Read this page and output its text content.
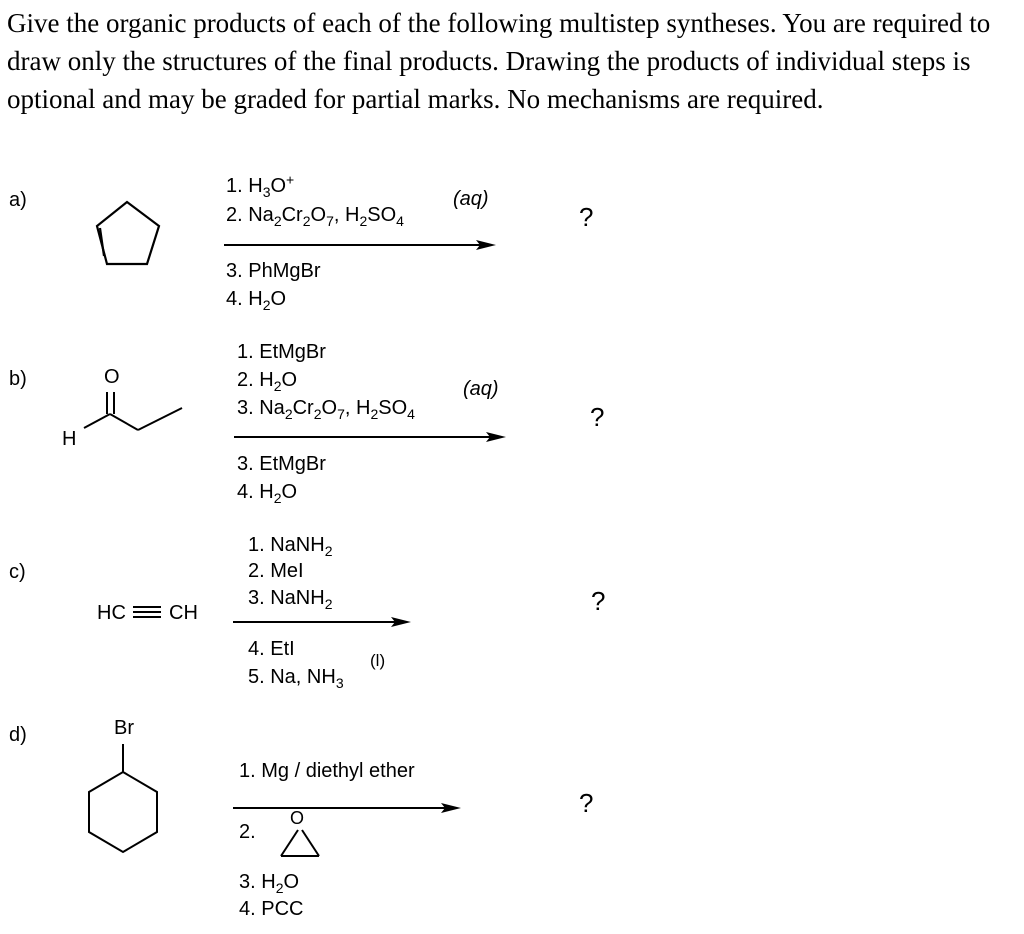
Give the organic products of each of the following multistep syntheses. You are required to draw only the structures of the final products. Drawing the products of individual steps is optional and may be graded for partial marks. No mechanisms are required.

a)
1. $H_3O^+$
2. $Na_2Cr_2O_7$, $H_2SO_4$
(aq)
3. PhMgBr
4. $H_2O$
?
b)	O
H
1. EtMgBr
2. $H_2O$
3. $Na_2Cr_2O_7$, $H_2SO_4$
(aq)
3. EtMgBr
4. $H_2O$
?
c)
HC CH
1. NaNH$_2$
2. MeI
3. NaNH$_2$
4. EtI
5. Na, $NH_3$
(l)
?
d)	Br
1. Mg / diethyl ether
2.
O
3. $H_2O$
4. PCC
?
